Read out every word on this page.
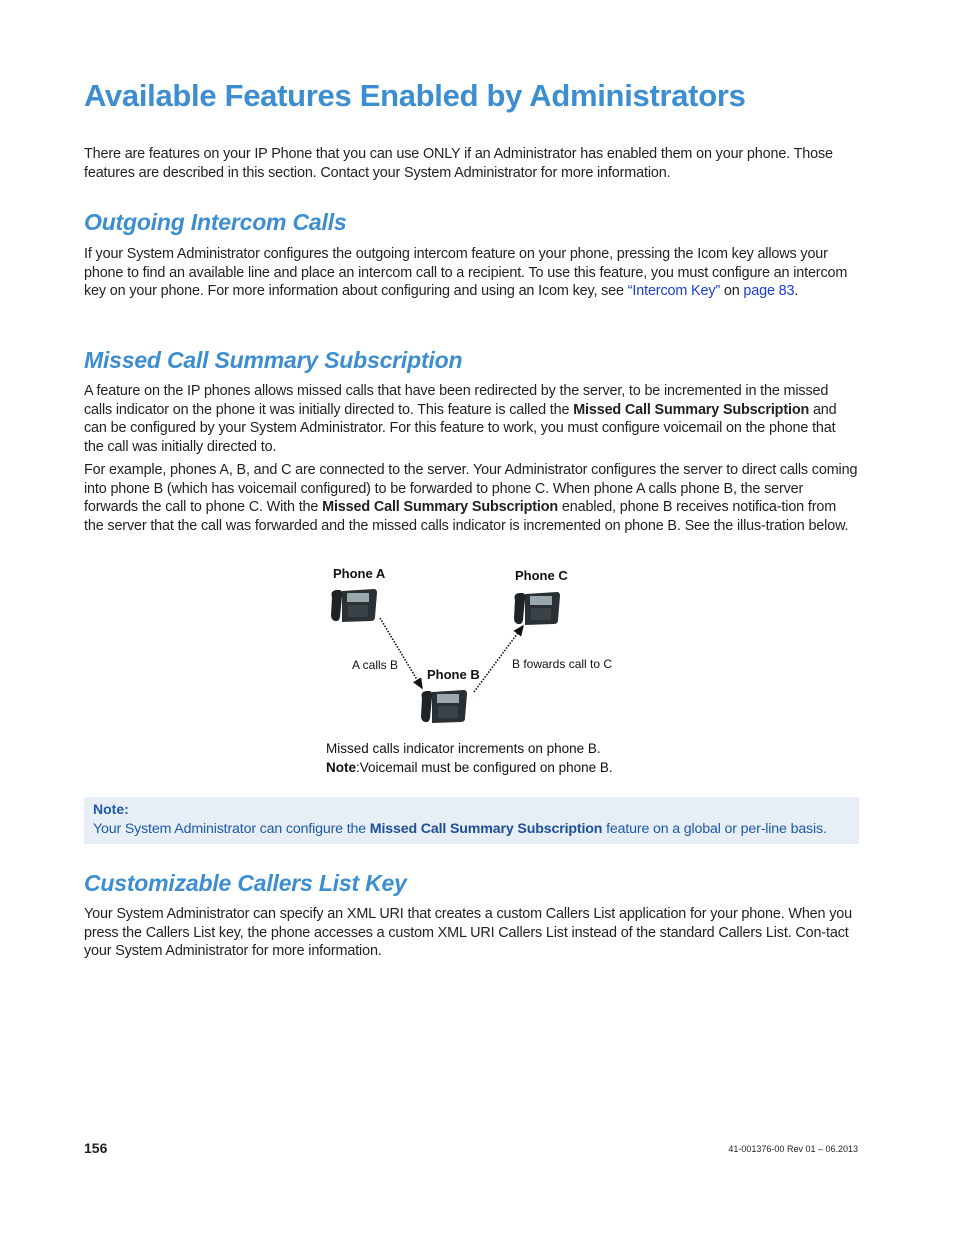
Available Features Enabled by Administrators

There are features on your IP Phone that you can use ONLY if an Administrator has enabled them on your phone. Those features are described in this section. Contact your System Administrator for more information.

Outgoing Intercom Calls

If your System Administrator configures the outgoing intercom feature on your phone, pressing the Icom key allows your phone to find an available line and place an intercom call to a recipient. To use this feature, you must configure an intercom key on your phone. For more information about configuring and using an Icom key, see “Intercom Key” on page 83.

Missed Call Summary Subscription

A feature on the IP phones allows missed calls that have been redirected by the server, to be incremented in the missed calls indicator on the phone it was initially directed to. This feature is called the Missed Call Summary Subscription and can be configured by your System Administrator. For this feature to work, you must configure voicemail on the phone that the call was initially directed to.

For example, phones A, B, and C are connected to the server. Your Administrator configures the server to direct calls coming into phone B (which has voicemail configured) to be forwarded to phone C. When phone A calls phone B, the server forwards the call to phone C. With the Missed Call Summary Subscription enabled, phone B receives notifica-tion from the server that the call was forwarded and the missed calls indicator is incremented on phone B. See the illus-tration below.

Phone A	Phone C
Phone B
A calls B	B fowards call to C
Missed calls indicator increments on phone B.
Note:Voicemail must be configured on phone B.
Note:
Your System Administrator can configure the Missed Call Summary Subscription feature on a global or per-line basis.
Customizable Callers List Key

Your System Administrator can specify an XML URI that creates a custom Callers List application for your phone. When you press the Callers List key, the phone accesses a custom XML URI Callers List instead of the standard Callers List. Con-tact your System Administrator for more information.

156	41-001376-00 Rev 01 – 06.2013
